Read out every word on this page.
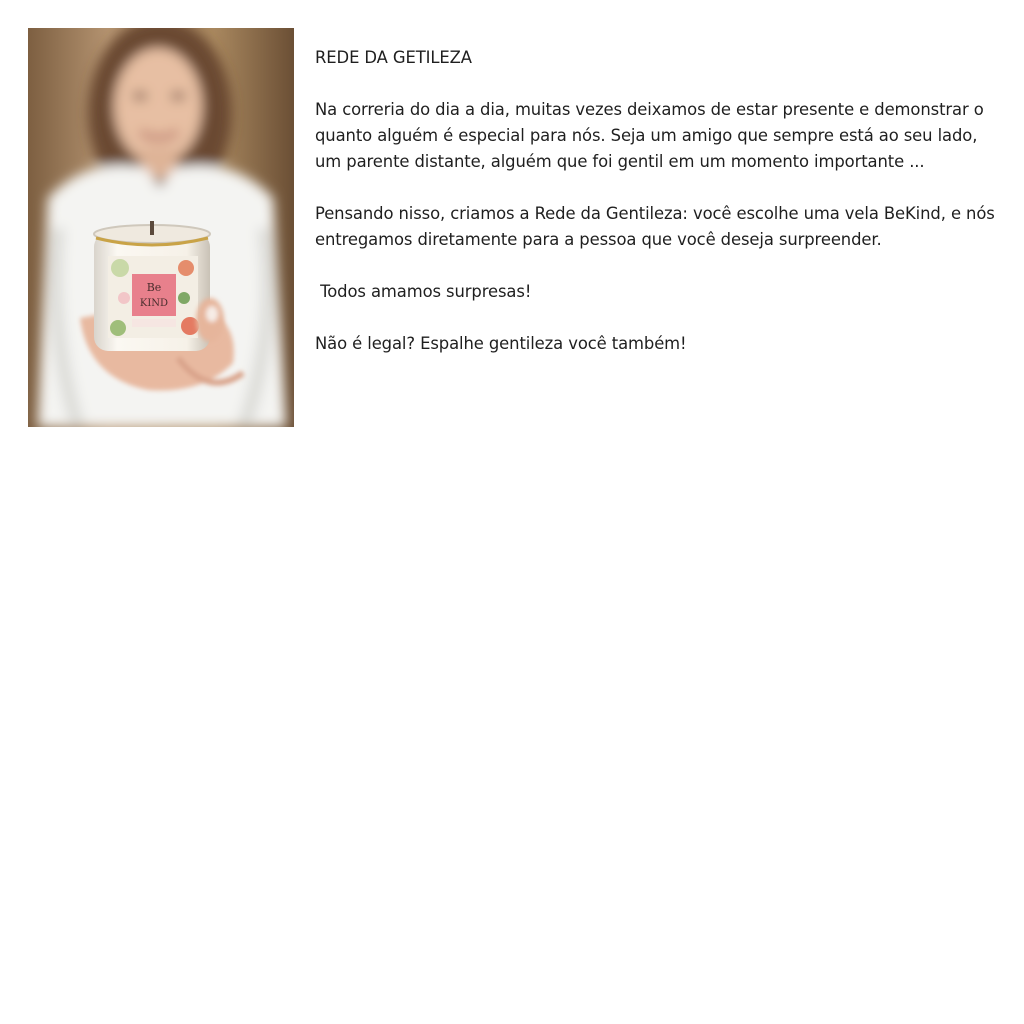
Be
KIND

REDE DA GETILEZA

Na correria do dia a dia, muitas vezes deixamos de estar presente e demonstrar o quanto alguém é especial para nós. Seja um amigo que sempre está ao seu lado, um parente distante, alguém que foi gentil em um momento importante ...

Pensando nisso, criamos a Rede da Gentileza: você escolhe uma vela BeKind, e nós entregamos diretamente para a pessoa que você deseja surpreender.

Todos amamos surpresas!

Não é legal? Espalhe gentileza você também!
